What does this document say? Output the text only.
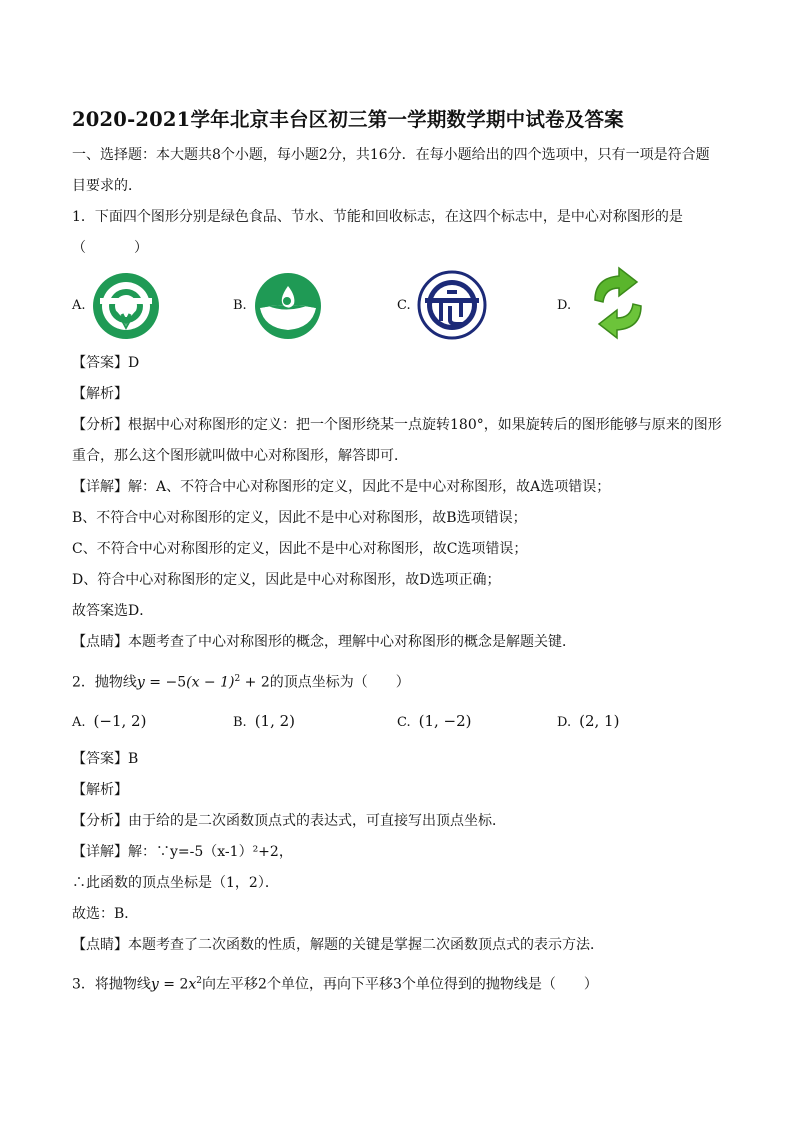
2020-2021学年北京丰台区初三第一学期数学期中试卷及答案
一、选择题：本大题共8个小题，每小题2分，共16分．在每小题给出的四个选项中，只有一项是符合题
目要求的．
1．下面四个图形分别是绿色食品、节水、节能和回收标志，在这四个标志中，是中心对称图形的是
（	）
A.	B.	C.	D.
【答案】D
【解析】
【分析】根据中心对称图形的定义：把一个图形绕某一点旋转180°，如果旋转后的图形能够与原来的图形
重合，那么这个图形就叫做中心对称图形，解答即可．
【详解】解：A、不符合中心对称图形的定义，因此不是中心对称图形，故A选项错误；
B、不符合中心对称图形的定义，因此不是中心对称图形，故B选项错误；
C、不符合中心对称图形的定义，因此不是中心对称图形，故C选项错误；
D、符合中心对称图形的定义，因此是中心对称图形，故D选项正确；
故答案选D．
【点睛】本题考查了中心对称图形的概念，理解中心对称图形的概念是解题关键．
2．抛物线$y = -5(x - 1)^2 + 2$的顶点坐标为（　　）
A. (−1, 2)	B. (1, 2)	C. (1, −2)	D. (2, 1)
【答案】B
【解析】
【分析】由于给的是二次函数顶点式的表达式，可直接写出顶点坐标．
【详解】解：∵y=-5（x-1）²+2，
∴此函数的顶点坐标是（1，2）．
故选：B．
【点睛】本题考查了二次函数的性质，解题的关键是掌握二次函数顶点式的表示方法．
3．将抛物线$y = 2x^2$向左平移2个单位，再向下平移3个单位得到的抛物线是（　　）
